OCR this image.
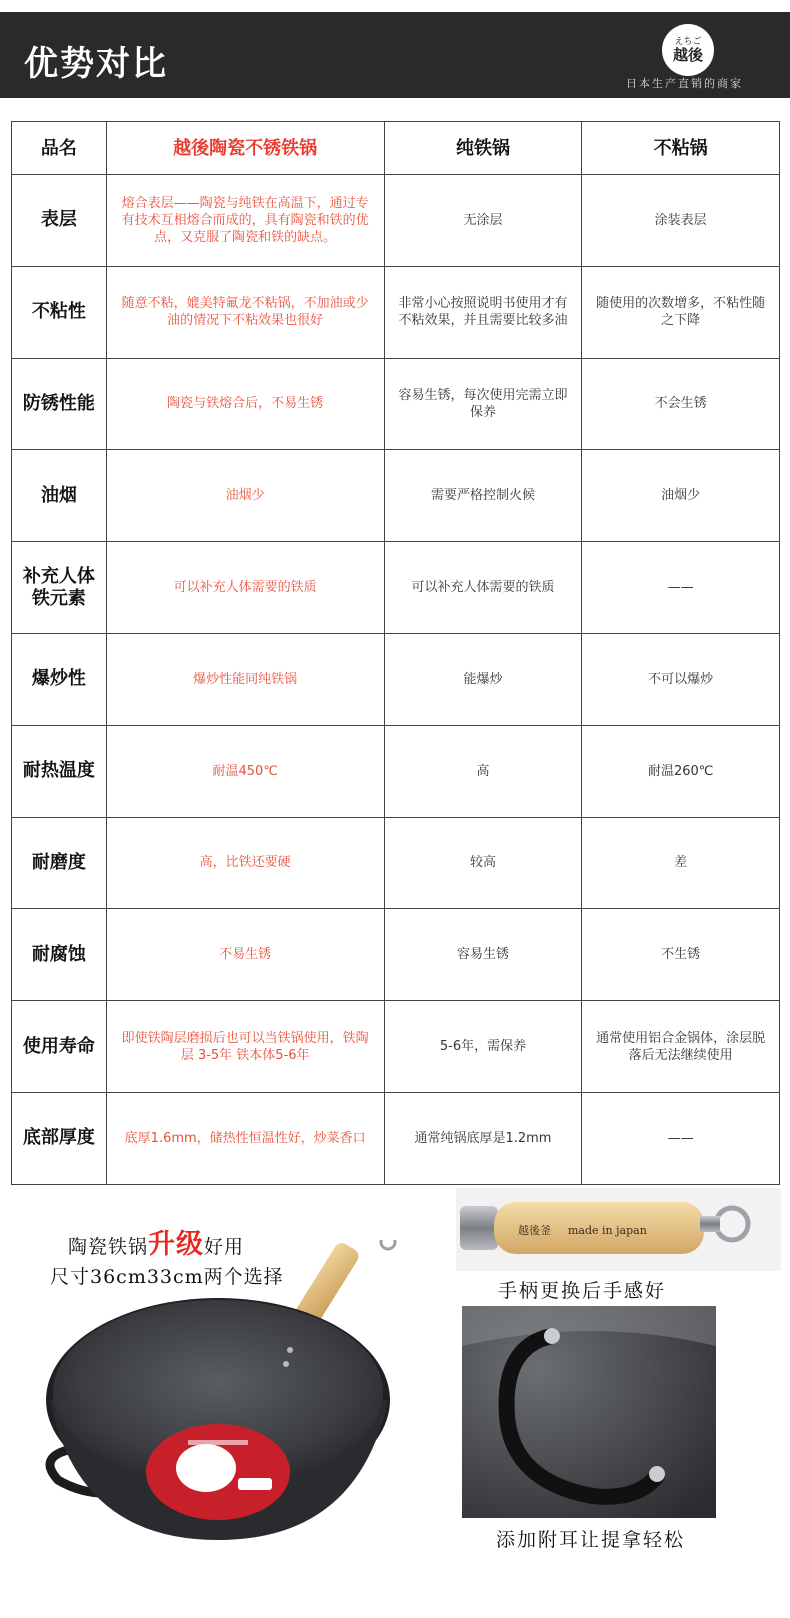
优势对比
えちご
越後
日本生产直销的商家
品名	越後陶瓷不锈铁锅	纯铁锅	不粘锅
表层	熔合表层——陶瓷与纯铁在高温下，通过专有技术互相熔合而成的，具有陶瓷和铁的优点，又克服了陶瓷和铁的缺点。	无涂层	涂装表层
不粘性	随意不粘，媲美特氟龙不粘锅，不加油或少油的情况下不粘效果也很好	非常小心按照说明书使用才有不粘效果，并且需要比较多油	随使用的次数增多，不粘性随之下降
防锈性能	陶瓷与铁熔合后，不易生锈	容易生锈，每次使用完需立即保养	不会生锈
油烟	油烟少	需要严格控制火候	油烟少
补充人体铁元素	可以补充人体需要的铁质	可以补充人体需要的铁质	——
爆炒性	爆炒性能同纯铁锅	能爆炒	不可以爆炒
耐热温度	耐温450℃	高	耐温260℃
耐磨度	高，比铁还要硬	较高	差
耐腐蚀	不易生锈	容易生锈	不生锈
使用寿命	即使铁陶层磨损后也可以当铁锅使用，铁陶层 3-5年 铁本体5-6年	5-6年，需保养	通常使用铝合金锅体，涂层脱落后无法继续使用
底部厚度	底厚1.6mm，储热性恒温性好，炒菜香口	通常纯锅底厚是1.2mm	——
陶瓷铁锅升级好用
尺寸36cm33cm两个选择
越後釜 made in japan
手柄更换后手感好
添加附耳让提拿轻松
